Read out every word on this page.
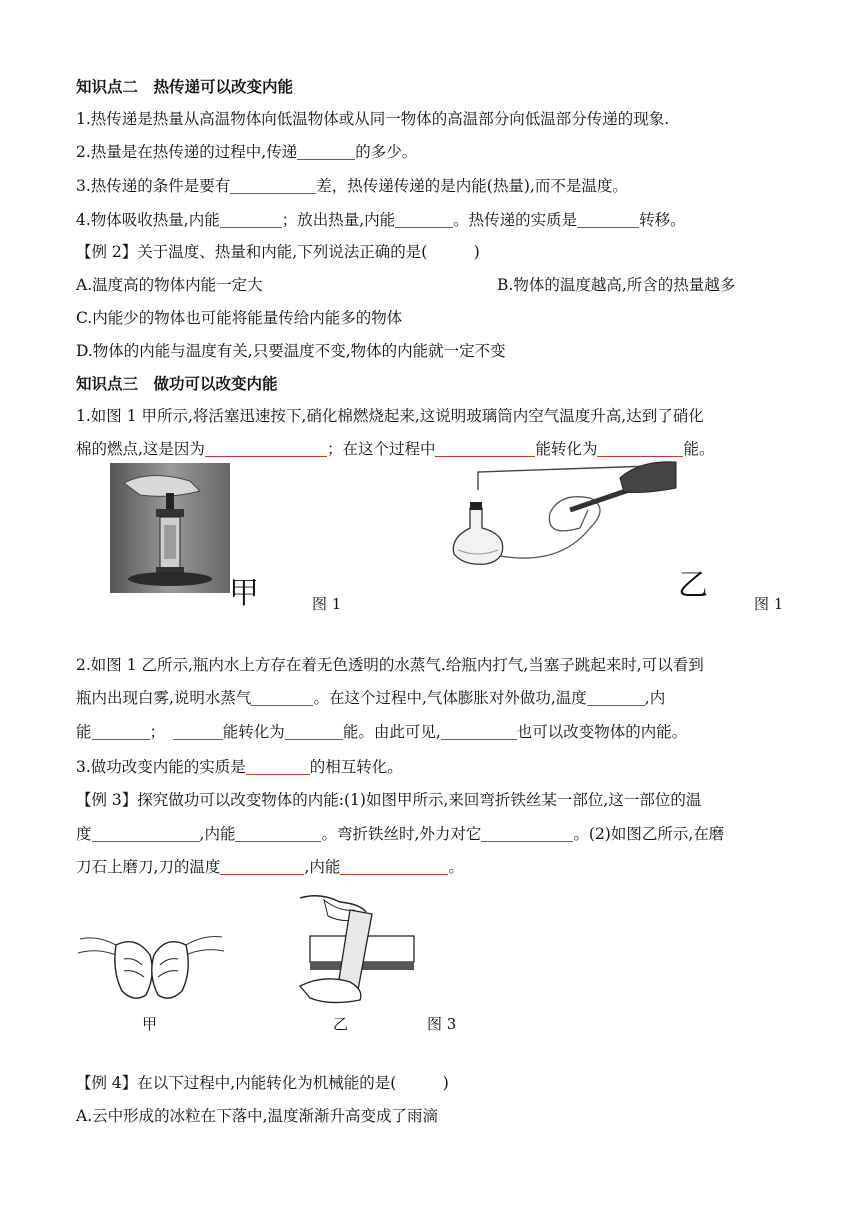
知识点二　热传递可以改变内能
1.热传递是热量从高温物体向低温物体或从同一物体的高温部分向低温部分传递的现象.
2.热量是在热传递的过程中,传递	的多少。
3.热传递的条件是要有	差，热传递传递的是内能(热量),而不是温度。
4.物体吸收热量,内能	；放出热量,内能	。热传递的实质是	转移。
【例 2】关于温度、热量和内能,下列说法正确的是(　　　)
A.温度高的物体内能一定大	B.物体的温度越高,所含的热量越多
C.内能少的物体也可能将能量传给内能多的物体
D.物体的内能与温度有关,只要温度不变,物体的内能就一定不变
知识点三　做功可以改变内能
1.如图 1 甲所示,将活塞迅速按下,硝化棉燃烧起来,这说明玻璃筒内空气温度升高,达到了硝化
棉的燃点,这是因为	；在这个过程中	能转化为	能。
甲	图 1
乙
图 1
2.如图 1 乙所示,瓶内水上方存在着无色透明的水蒸气.给瓶内打气,当塞子跳起来时,可以看到
瓶内出现白雾,说明水蒸气	。在这个过程中,气体膨胀对外做功,温度	,内
能	；　	能转化为	能。由此可见,	也可以改变物体的内能。
3.做功改变内能的实质是	的相互转化。
【例 3】探究做功可以改变物体的内能:(1)如图甲所示,来回弯折铁丝某一部位,这一部位的温
度	,内能	。弯折铁丝时,外力对它	。(2)如图乙所示,在磨
刀石上磨刀,刀的温度	,内能	。
甲	乙	图 3
【例 4】在以下过程中,内能转化为机械能的是(　　　)
A.云中形成的冰粒在下落中,温度渐渐升高变成了雨滴
